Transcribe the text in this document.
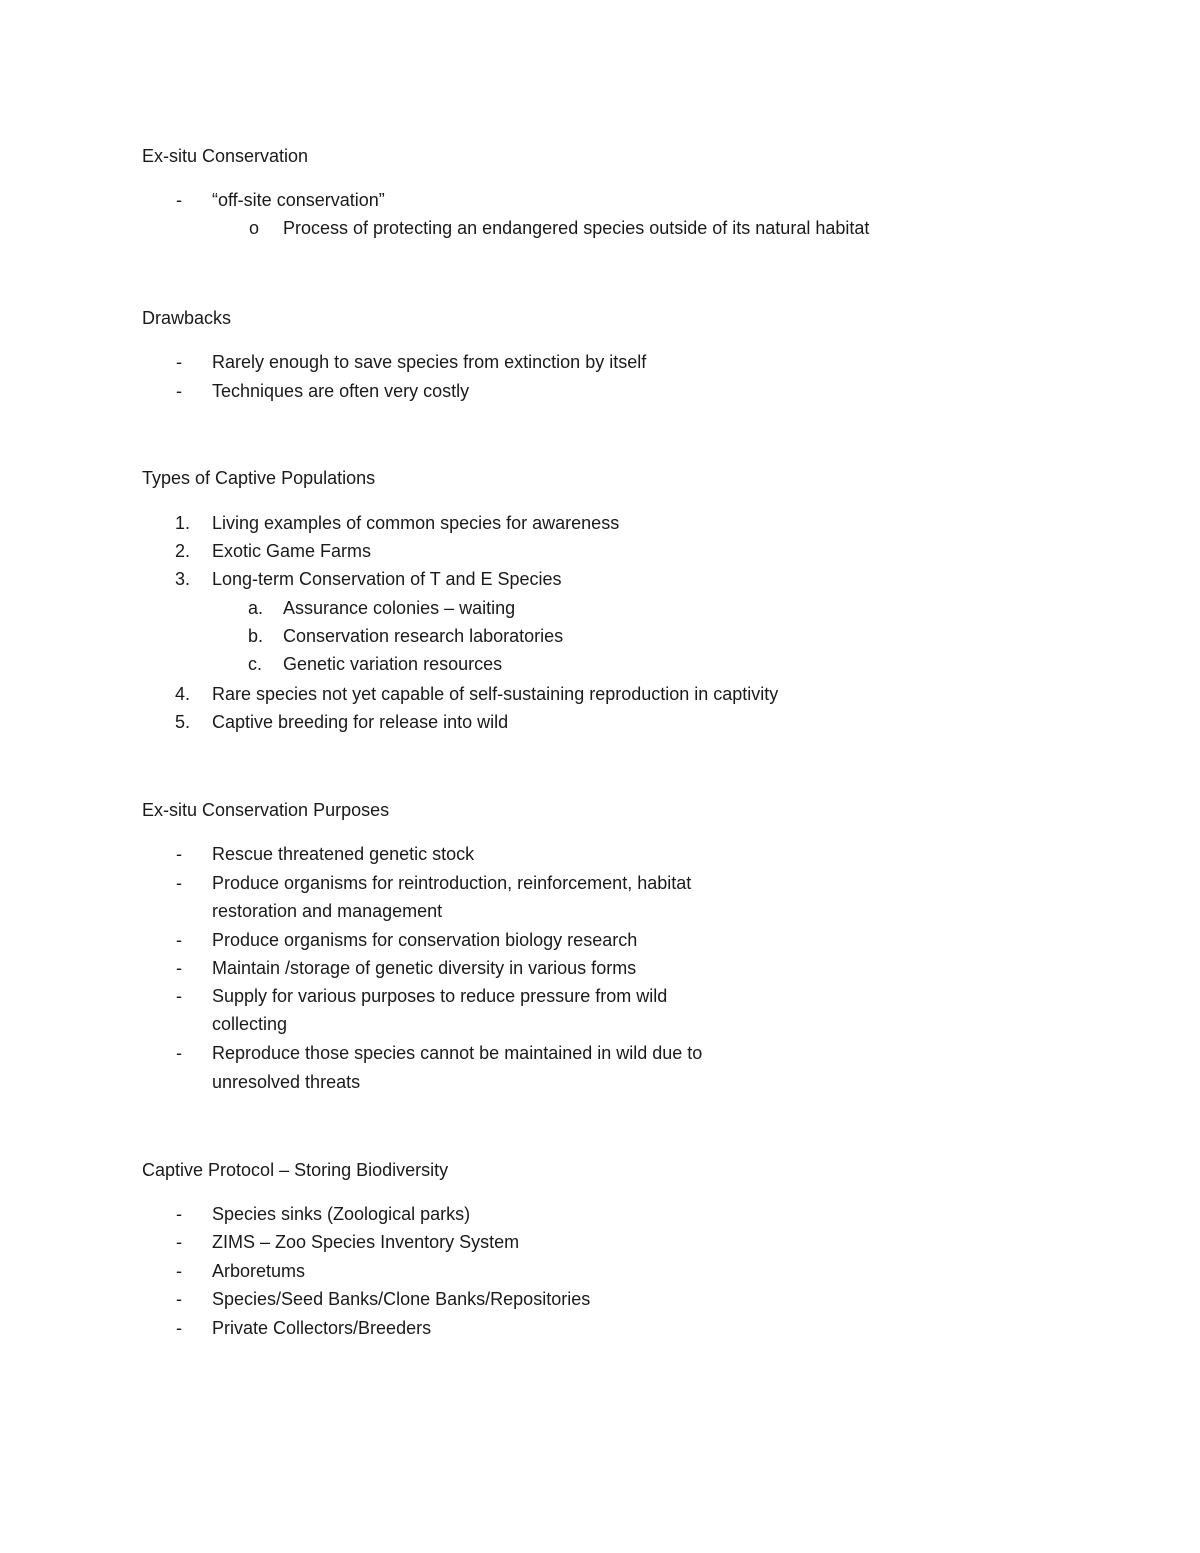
Ex-situ Conservation
- “off-site conservation”
o Process of protecting an endangered species outside of its natural habitat
Drawbacks
- Rarely enough to save species from extinction by itself
- Techniques are often very costly
Types of Captive Populations
1. Living examples of common species for awareness
2. Exotic Game Farms
3. Long-term Conservation of T and E Species
a. Assurance colonies – waiting
b. Conservation research laboratories
c. Genetic variation resources
4. Rare species not yet capable of self-sustaining reproduction in captivity
5. Captive breeding for release into wild
Ex-situ Conservation Purposes
- Rescue threatened genetic stock
- Produce organisms for reintroduction, reinforcement, habitat
restoration and management
- Produce organisms for conservation biology research
- Maintain /storage of genetic diversity in various forms
- Supply for various purposes to reduce pressure from wild
collecting
- Reproduce those species cannot be maintained in wild due to
unresolved threats
Captive Protocol – Storing Biodiversity
- Species sinks (Zoological parks)
- ZIMS – Zoo Species Inventory System
- Arboretums
- Species/Seed Banks/Clone Banks/Repositories
- Private Collectors/Breeders
